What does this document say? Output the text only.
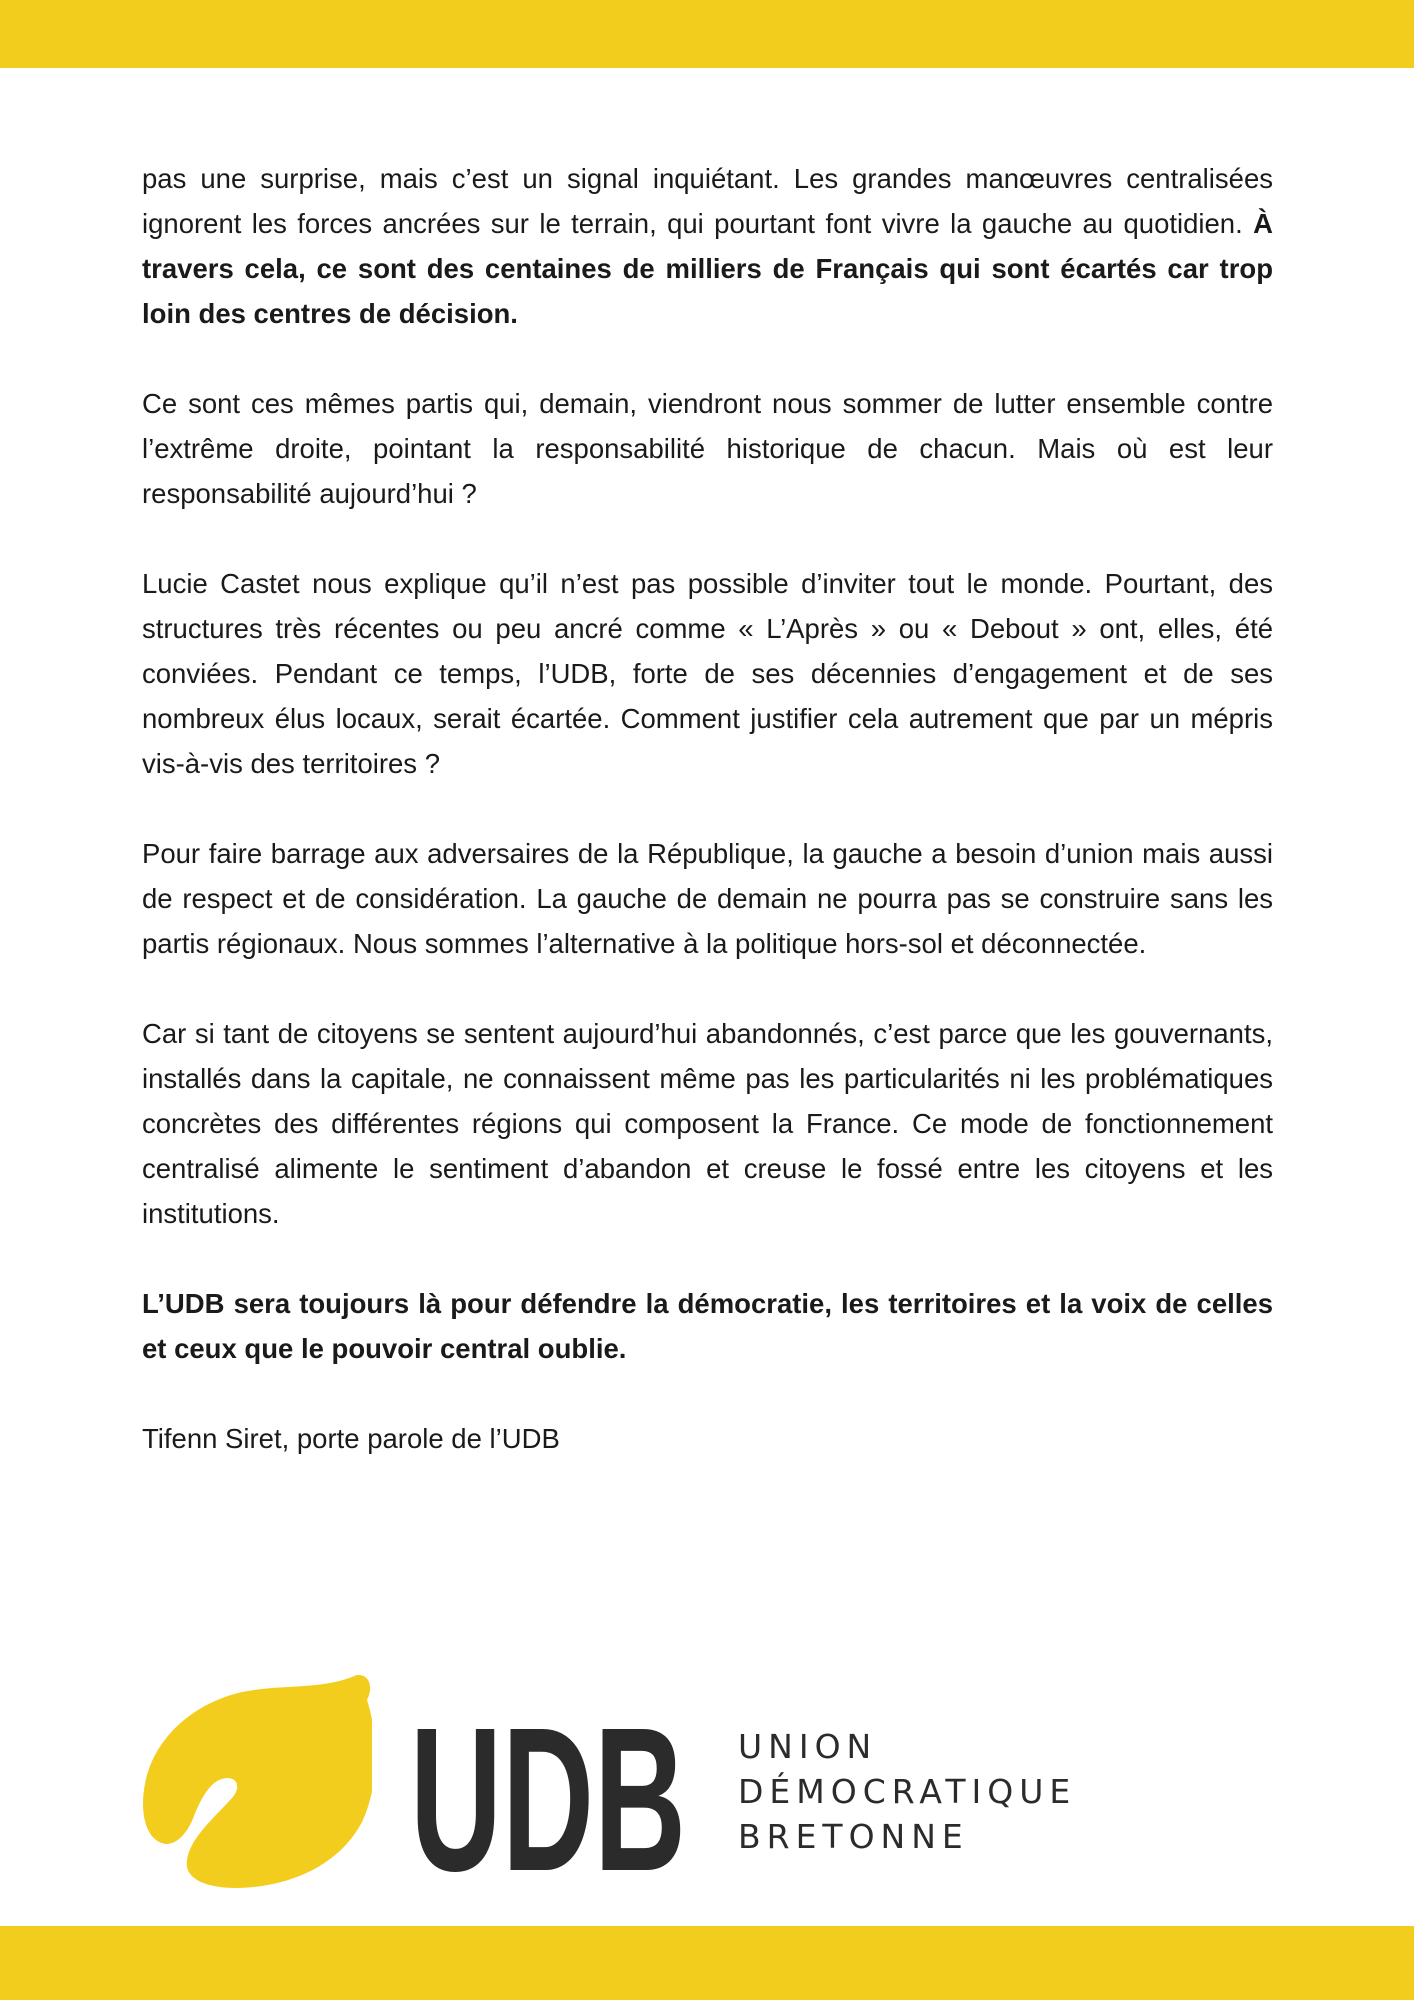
pas une surprise, mais c’est un signal inquiétant. Les grandes manœuvres centralisées ignorent les forces ancrées sur le terrain, qui pourtant font vivre la gauche au quotidien. À travers cela, ce sont des centaines de milliers de Français qui sont écartés car trop loin des centres de décision.

Ce sont ces mêmes partis qui, demain, viendront nous sommer de lutter ensemble contre l’extrême droite, pointant la responsabilité historique de chacun. Mais où est leur responsabilité aujourd’hui ?

Lucie Castet nous explique qu’il n’est pas possible d’inviter tout le monde. Pourtant, des structures très récentes ou peu ancré comme « L’Après » ou « Debout » ont, elles, été conviées. Pendant ce temps, l’UDB, forte de ses décennies d’engagement et de ses nombreux élus locaux, serait écartée. Comment justifier cela autrement que par un mépris vis-à-vis des territoires ?

Pour faire barrage aux adversaires de la République, la gauche a besoin d’union mais aussi de respect et de considération. La gauche de demain ne pourra pas se construire sans les partis régionaux. Nous sommes l’alternative à la politique hors-sol et déconnectée.

Car si tant de citoyens se sentent aujourd’hui abandonnés, c’est parce que les gouvernants, installés dans la capitale, ne connaissent même pas les particularités ni les problématiques concrètes des différentes régions qui composent la France. Ce mode de fonctionnement centralisé alimente le sentiment d’abandon et creuse le fossé entre les citoyens et les institutions.

L’UDB sera toujours là pour défendre la démocratie, les territoires et la voix de celles et ceux que le pouvoir central oublie.

Tifenn Siret, porte parole de l’UDB

UDB UNION
DÉMOCRATIQUE
BRETONNE
